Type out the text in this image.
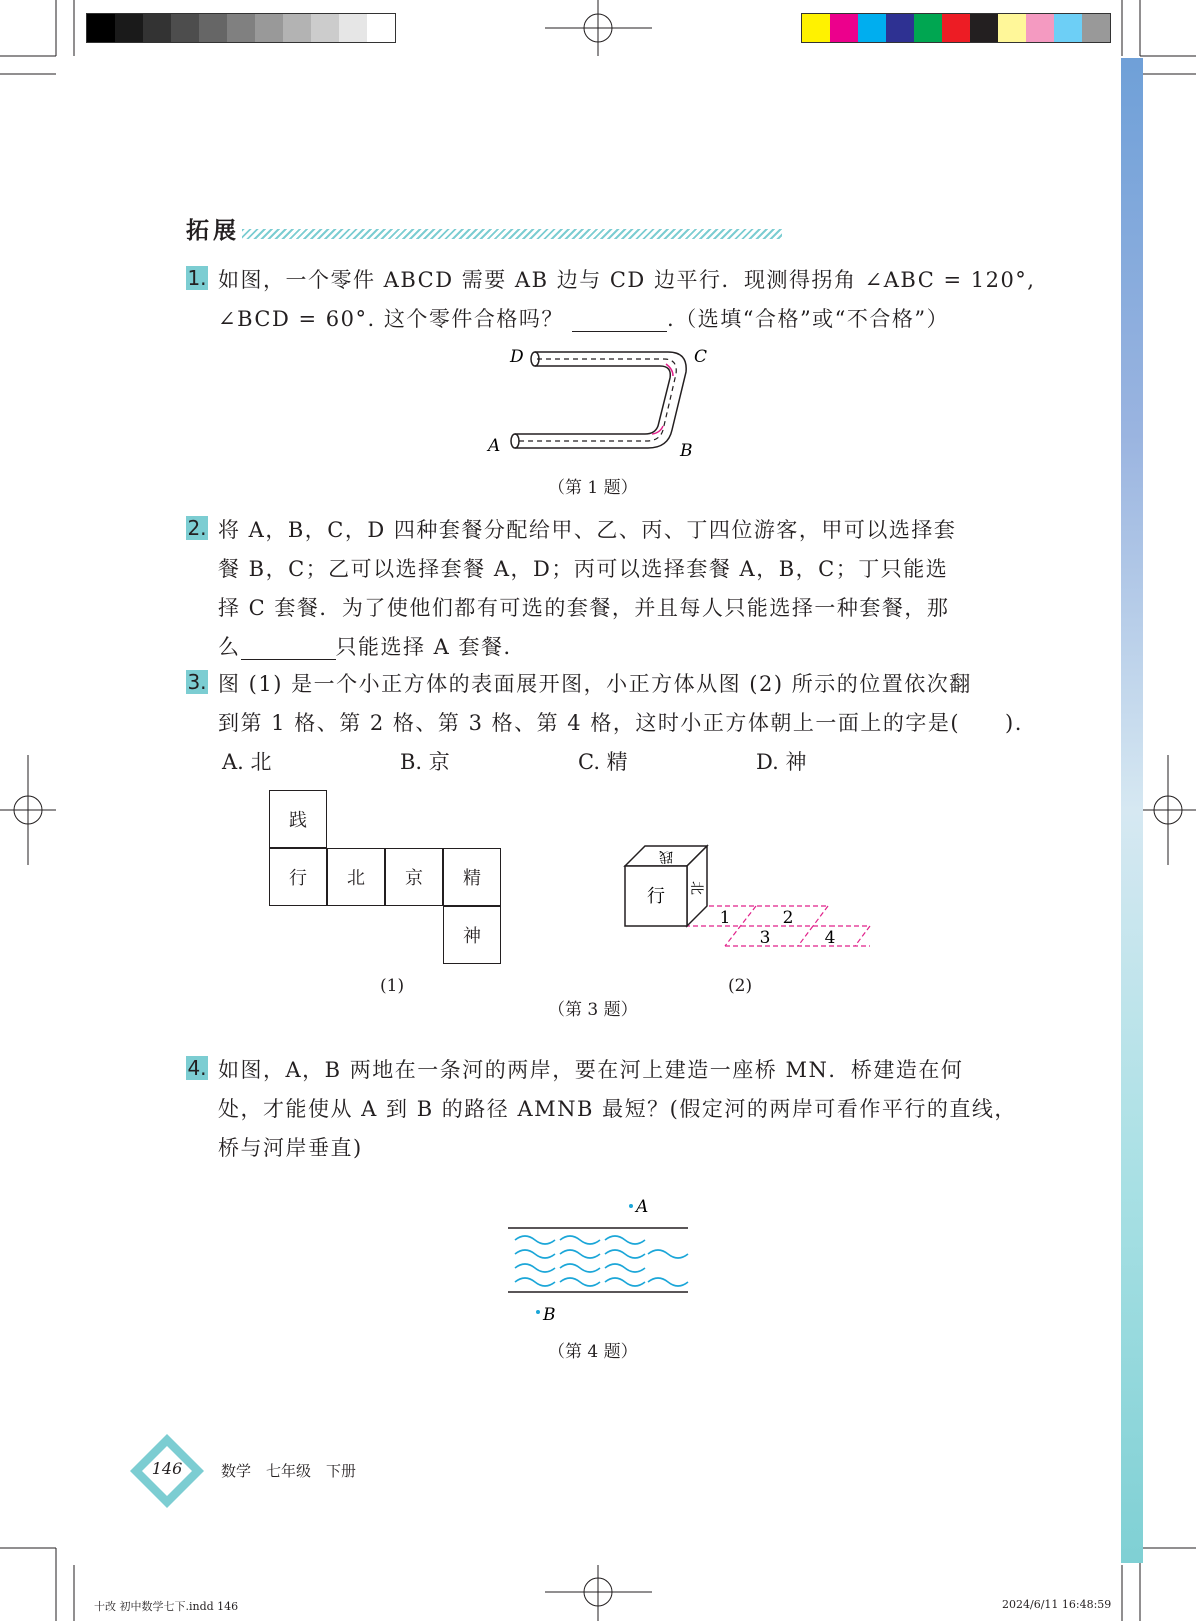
拓展
1. 如图，一个零件 ABCD 需要 AB 边与 CD 边平行．现测得拐角 ∠ABC = 120°,
∠BCD = 60°. 这个零件合格吗？	.（选填“合格”或“不合格”）
D	C
A	B
（第 1 题）
2. 将 A，B，C，D 四种套餐分配给甲、乙、丙、丁四位游客，甲可以选择套
餐 B，C；乙可以选择套餐 A，D；丙可以选择套餐 A，B，C；丁只能选
择 C 套餐．为了使他们都有可选的套餐，并且每人只能选择一种套餐，那
么	只能选择 A 套餐．
3. 图 (1) 是一个小正方体的表面展开图，小正方体从图 (2) 所示的位置依次翻
到第 1 格、第 2 格、第 3 格、第 4 格，这时小正方体朝上一面上的字是(　　).
A. 北	B. 京	C. 精	D. 神
践
行	北	京	精
神
(1)
行
践
北
1	2
3	4
(2)
（第 3 题）
4. 如图，A，B 两地在一条河的两岸，要在河上建造一座桥 MN．桥建造在何
处，才能使从 A 到 B 的路径 AMNB 最短？(假定河的两岸可看作平行的直线，
桥与河岸垂直)
A
B
（第 4 题）
146	数学　七年级　下册
十改 初中数学七下.indd 146	2024/6/11 16:48:59
